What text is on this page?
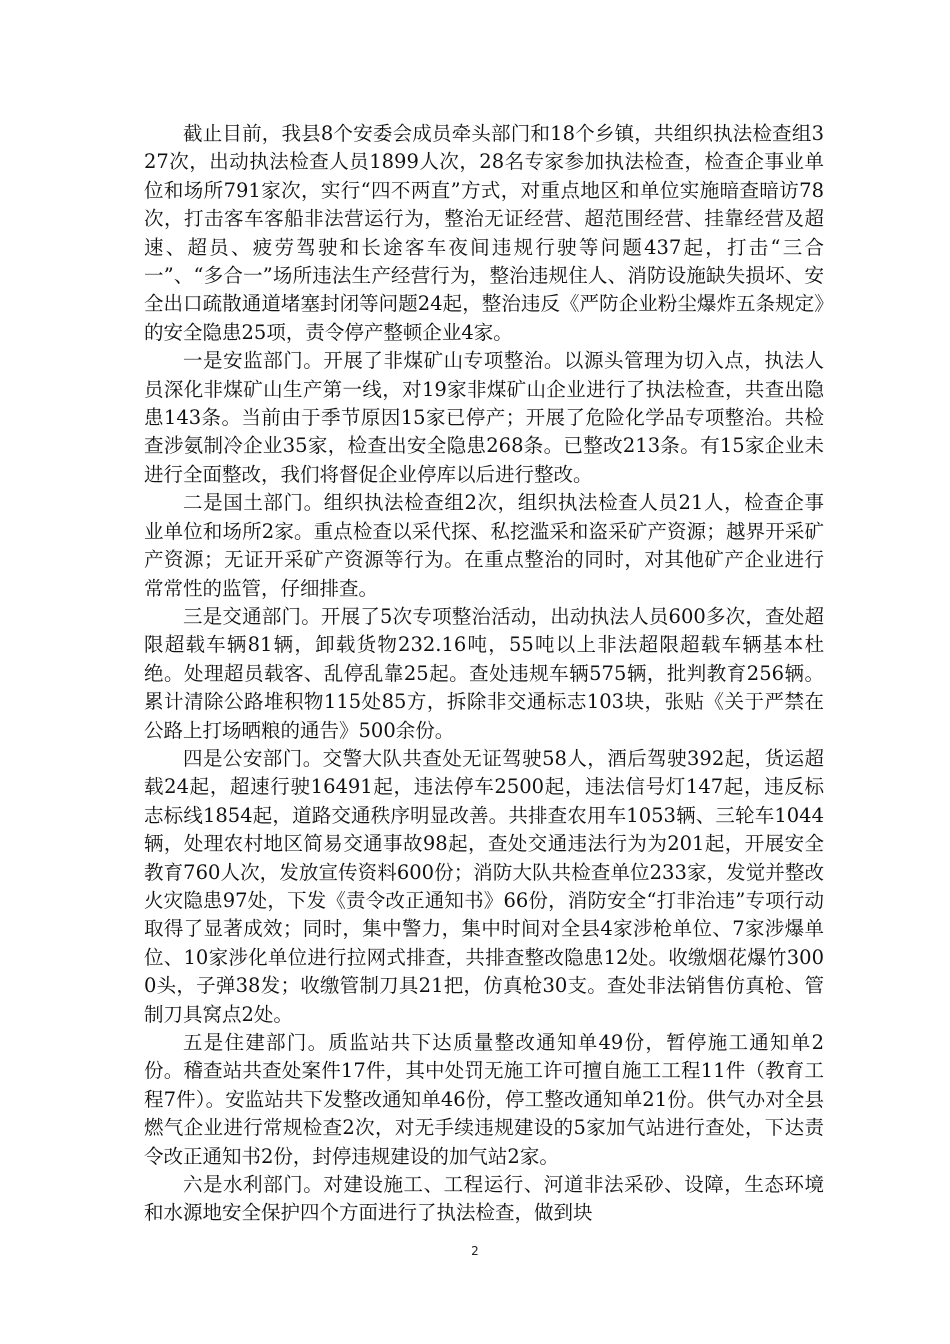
截止目前，我县8个安委会成员牵头部门和18个乡镇，共组织执法检查组327次，出动执法检查人员1899人次，28名专家参加执法检查，检查企事业单位和场所791家次，实行“四不两直”方式，对重点地区和单位实施暗查暗访78次，打击客车客船非法营运行为，整治无证经营、超范围经营、挂靠经营及超速、超员、疲劳驾驶和长途客车夜间违规行驶等问题437起，打击“三合一”、“多合一”场所违法生产经营行为，整治违规住人、消防设施缺失损坏、安全出口疏散通道堵塞封闭等问题24起，整治违反《严防企业粉尘爆炸五条规定》的安全隐患25项，责令停产整顿企业4家。

一是安监部门。开展了非煤矿山专项整治。以源头管理为切入点，执法人员深化非煤矿山生产第一线，对19家非煤矿山企业进行了执法检查，共查出隐患143条。当前由于季节原因15家已停产；开展了危险化学品专项整治。共检查涉氨制冷企业35家，检查出安全隐患268条。已整改213条。有15家企业未进行全面整改，我们将督促企业停库以后进行整改。

二是国土部门。组织执法检查组2次，组织执法检查人员21人，检查企事业单位和场所2家。重点检查以采代探、私挖滥采和盗采矿产资源；越界开采矿产资源；无证开采矿产资源等行为。在重点整治的同时，对其他矿产企业进行常常性的监管，仔细排查。

三是交通部门。开展了5次专项整治活动，出动执法人员600多次，查处超限超载车辆81辆，卸载货物232.16吨，55吨以上非法超限超载车辆基本杜绝。处理超员载客、乱停乱靠25起。查处违规车辆575辆，批判教育256辆。累计清除公路堆积物115处85方，拆除非交通标志103块，张贴《关于严禁在公路上打场晒粮的通告》500余份。

四是公安部门。交警大队共查处无证驾驶58人，酒后驾驶392起，货运超载24起，超速行驶16491起，违法停车2500起，违法信号灯147起，违反标志标线1854起，道路交通秩序明显改善。共排查农用车1053辆、三轮车1044辆，处理农村地区简易交通事故98起，查处交通违法行为为201起，开展安全教育760人次，发放宣传资料600份；消防大队共检查单位233家，发觉并整改火灾隐患97处，下发《责令改正通知书》66份，消防安全“打非治违”专项行动取得了显著成效；同时，集中警力，集中时间对全县4家涉枪单位、7家涉爆单位、10家涉化单位进行拉网式排查，共排查整改隐患12处。收缴烟花爆竹3000头，子弹38发；收缴管制刀具21把，仿真枪30支。查处非法销售仿真枪、管制刀具窝点2处。

五是住建部门。质监站共下达质量整改通知单49份，暂停施工通知单2份。稽查站共查处案件17件，其中处罚无施工许可擅自施工工程11件（教育工程7件）。安监站共下发整改通知单46份，停工整改通知单21份。供气办对全县燃气企业进行常规检查2次，对无手续违规建设的5家加气站进行查处，下达责令改正通知书2份，封停违规建设的加气站2家。

六是水利部门。对建设施工、工程运行、河道非法采砂、设障，生态环境和水源地安全保护四个方面进行了执法检查，做到块

2
